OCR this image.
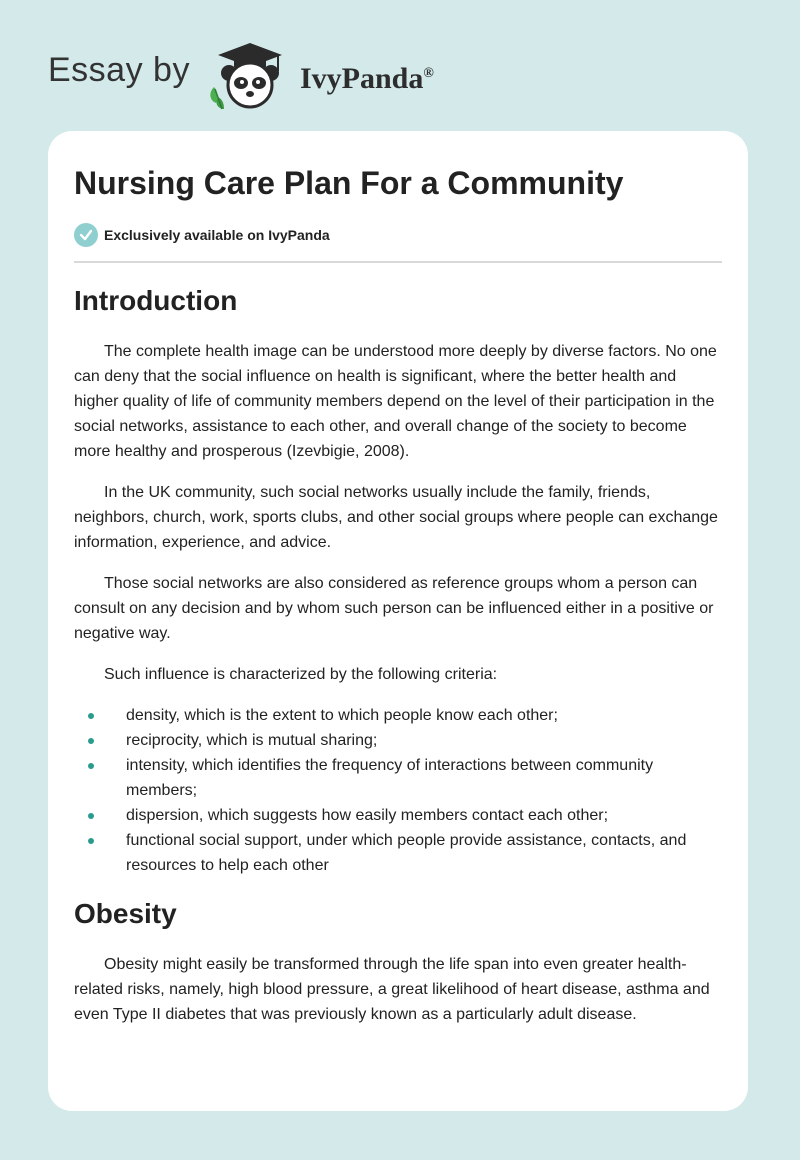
Essay by	IvyPanda®
Nursing Care Plan For a Community
Exclusively available on IvyPanda
Introduction

The complete health image can be understood more deeply by diverse factors. No one can deny that the social influence on health is significant, where the better health and higher quality of life of community members depend on the level of their participation in the social networks, assistance to each other, and overall change of the society to become more healthy and prosperous (Izevbigie, 2008).

In the UK community, such social networks usually include the family, friends, neighbors, church, work, sports clubs, and other social groups where people can exchange information, experience, and advice.

Those social networks are also considered as reference groups whom a person can consult on any decision and by whom such person can be influenced either in a positive or negative way.

Such influence is characterized by the following criteria:

density, which is the extent to which people know each other;
reciprocity, which is mutual sharing;
intensity, which identifies the frequency of interactions between community members;
dispersion, which suggests how easily members contact each other;
functional social support, under which people provide assistance, contacts, and resources to help each other
Obesity

Obesity might easily be transformed through the life span into even greater health-related risks, namely, high blood pressure, a great likelihood of heart disease, asthma and even Type II diabetes that was previously known as a particularly adult disease.
